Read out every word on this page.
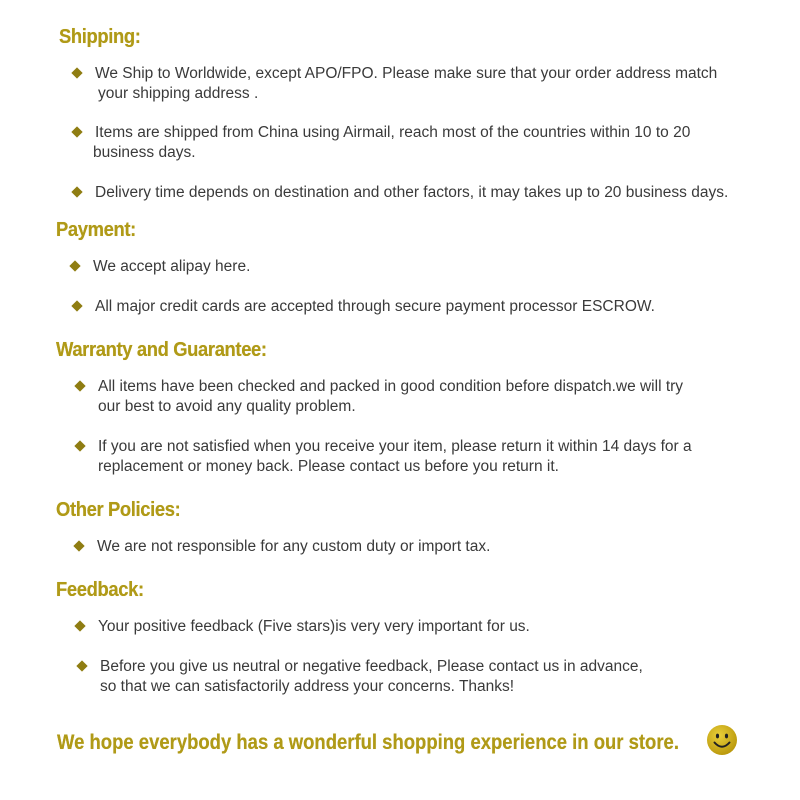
Shipping:
We Ship to Worldwide, except APO/FPO. Please make sure that your order address match
your shipping address .
Items are shipped from China using Airmail, reach most of the countries within 10 to 20
business days.
Delivery time depends on destination and other factors, it may takes up to 20 business days.
Payment:
We accept alipay here.
All major credit cards are accepted through secure payment processor ESCROW.
Warranty and Guarantee:
All items have been checked and packed in good condition before dispatch.we will try
our best to avoid any quality problem.
If you are not satisfied when you receive your item, please return it within 14 days for a
replacement or money back. Please contact us before you return it.
Other Policies:
We are not responsible for any custom duty or import tax.
Feedback:
Your positive feedback (Five stars)is very very important for us.
Before you give us neutral or negative feedback, Please contact us in advance,
so that we can satisfactorily address your concerns. Thanks!
We hope everybody has a wonderful shopping experience in our store.
